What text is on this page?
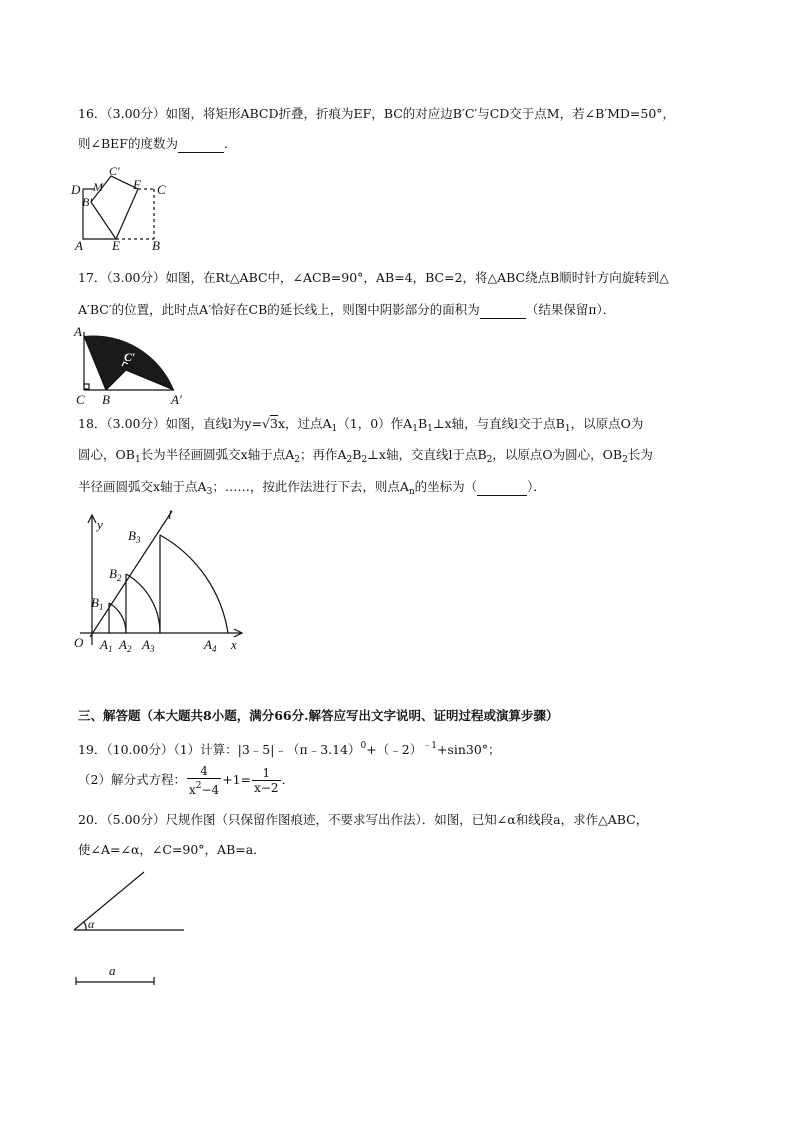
16．（3.00分）如图，将矩形ABCD折叠，折痕为EF，BC的对应边B′C′与CD交于点M，若∠B′MD=50°，
则∠BEF的度数为	．
D M
C′
F C
B′
A E B
17．（3.00分）如图，在Rt△ABC中，∠ACB=90°，AB=4，BC=2，将△ABC绕点B顺时针方向旋转到△
A′BC′的位置，此时点A′恰好在CB的延长线上，则图中阴影部分的面积为	（结果保留π）．
A
C′
C B	A′
18．（3.00分）如图，直线l为y=√3x，过点$A_1(1$，0）作$A_1B_1\perp x$轴，与直线l交于点$B_1$，以原点O为
圆心，$OB_1$长为半径画圆弧交x轴于点$A_2$；再作$A_2B_2\perp x$轴，交直线l于点$B_2$，以原点O为圆心，$OB_2$长为
半径画圆弧交x轴于点$A_3$；……，按此作法进行下去，则点$A_n$的坐标为（	）．
y
l
$B_3$
$B_2$
$B_1$
O $A_1$ $A_2$ $A_3$	$A_4$ x
三、解答题（本大题共8小题，满分66分.解答应写出文字说明、证明过程或演算步骤）
19．（10.00分）（1）计算：|3﹣5|﹣（π﹣3.14）$^0$+（﹣2）$^{﹣1}$+sin30°；
（2）解分式方程： $\frac{4}{x^2-4} +1= \frac{1}{x-2}$ ．
20．（5.00分）尺规作图（只保留作图痕迹，不要求写出作法）．如图，已知∠α和线段a，求作△ABC，
使∠A=∠α，∠C=90°，AB=a．
α
a
